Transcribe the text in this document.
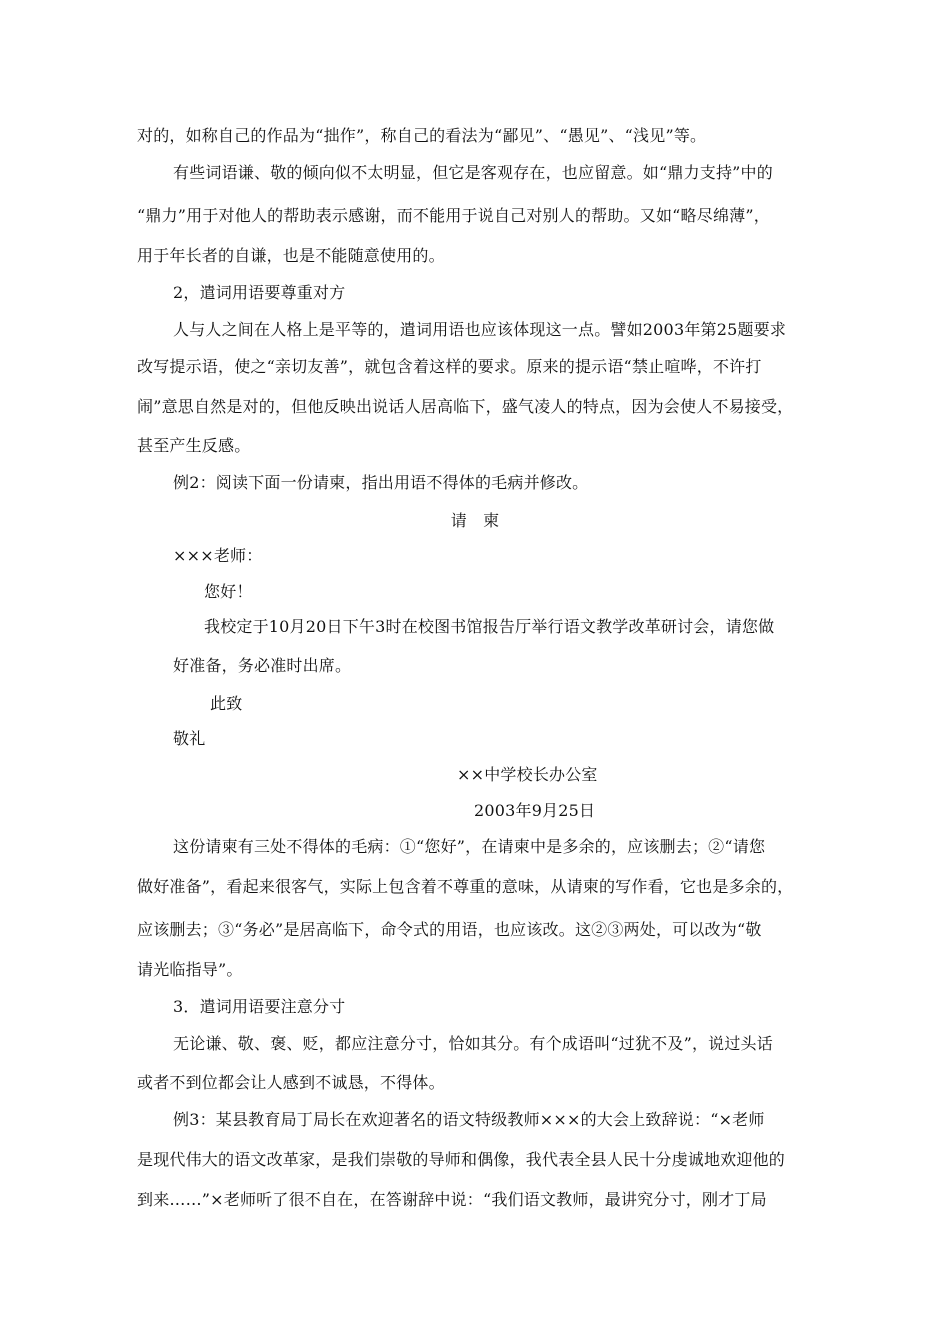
对的，如称自己的作品为“拙作”，称自己的看法为“鄙见”、“愚见”、“浅见”等。
有些词语谦、敬的倾向似不太明显，但它是客观存在，也应留意。如“鼎力支持”中的
“鼎力”用于对他人的帮助表示感谢，而不能用于说自己对别人的帮助。又如“略尽绵薄”，
用于年长者的自谦，也是不能随意使用的。
2，遣词用语要尊重对方
人与人之间在人格上是平等的，遣词用语也应该体现这一点。譬如2003年第25题要求
改写提示语，使之“亲切友善”，就包含着这样的要求。原来的提示语“禁止喧哗，不许打
闹”意思自然是对的，但他反映出说话人居高临下，盛气凌人的特点，因为会使人不易接受，
甚至产生反感。
例2：阅读下面一份请柬，指出用语不得体的毛病并修改。
请　柬
×××老师：
您好！
我校定于10月20日下午3时在校图书馆报告厅举行语文教学改革研讨会，请您做
好准备，务必准时出席。
此致
敬礼
××中学校长办公室
2003年9月25日
这份请柬有三处不得体的毛病：①“您好”，在请柬中是多余的，应该删去；②“请您
做好准备”，看起来很客气，实际上包含着不尊重的意味，从请柬的写作看，它也是多余的，
应该删去；③“务必”是居高临下，命令式的用语，也应该改。这②③两处，可以改为“敬
请光临指导”。
3．遣词用语要注意分寸
无论谦、敬、褒、贬，都应注意分寸，恰如其分。有个成语叫“过犹不及”，说过头话
或者不到位都会让人感到不诚恳，不得体。
例3：某县教育局丁局长在欢迎著名的语文特级教师×××的大会上致辞说：“×老师
是现代伟大的语文改革家，是我们崇敬的导师和偶像，我代表全县人民十分虔诚地欢迎他的
到来……”×老师听了很不自在，在答谢辞中说：“我们语文教师，最讲究分寸，刚才丁局
